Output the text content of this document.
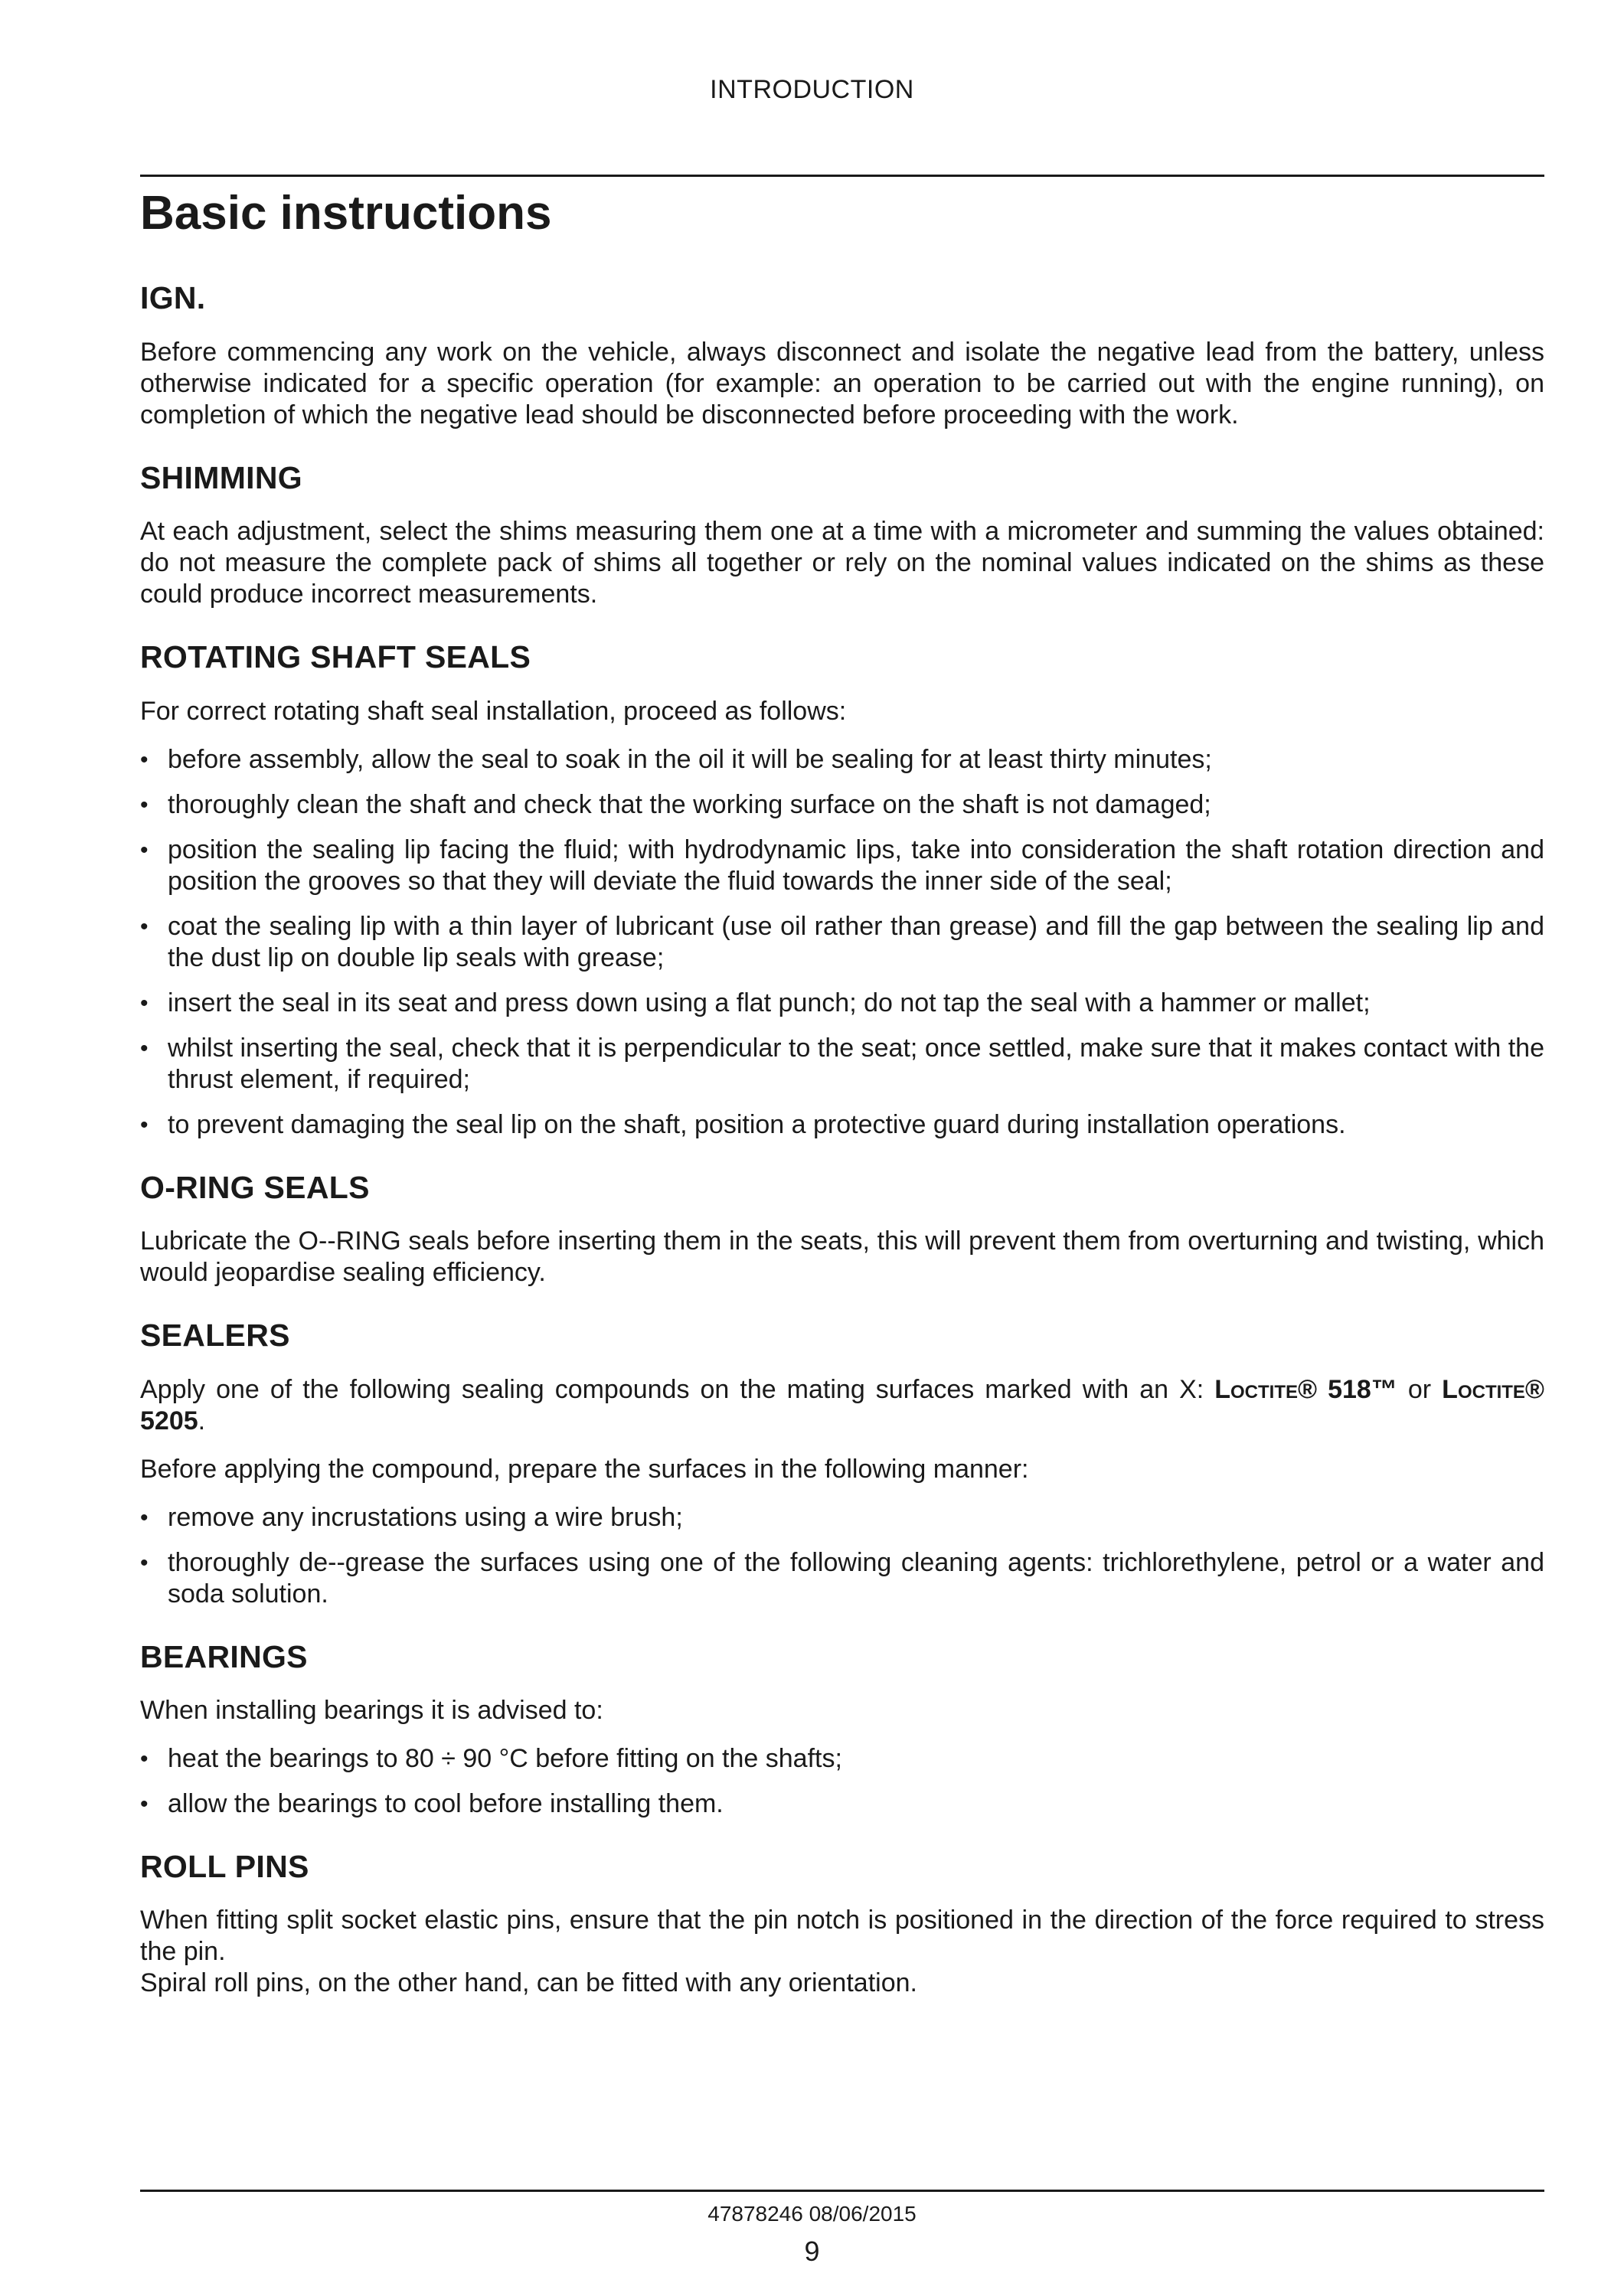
INTRODUCTION
Basic instructions
IGN.

Before commencing any work on the vehicle, always disconnect and isolate the negative lead from the battery, unless otherwise indicated for a specific operation (for example: an operation to be carried out with the engine running), on completion of which the negative lead should be disconnected before proceeding with the work.

SHIMMING

At each adjustment, select the shims measuring them one at a time with a micrometer and summing the values obtained: do not measure the complete pack of shims all together or rely on the nominal values indicated on the shims as these could produce incorrect measurements.

ROTATING SHAFT SEALS

For correct rotating shaft seal installation, proceed as follows:

• before assembly, allow the seal to soak in the oil it will be sealing for at least thirty minutes;
• thoroughly clean the shaft and check that the working surface on the shaft is not damaged;
• position the sealing lip facing the fluid; with hydrodynamic lips, take into consideration the shaft rotation direction and position the grooves so that they will deviate the fluid towards the inner side of the seal;
• coat the sealing lip with a thin layer of lubricant (use oil rather than grease) and fill the gap between the sealing lip and the dust lip on double lip seals with grease;
• insert the seal in its seat and press down using a flat punch; do not tap the seal with a hammer or mallet;
• whilst inserting the seal, check that it is perpendicular to the seat; once settled, make sure that it makes contact with the thrust element, if required;
• to prevent damaging the seal lip on the shaft, position a protective guard during installation operations.
O-RING SEALS

Lubricate the O--RING seals before inserting them in the seats, this will prevent them from overturning and twisting, which would jeopardise sealing efficiency.

SEALERS

Apply one of the following sealing compounds on the mating surfaces marked with an X: Loctite® 518™ or Loctite® 5205.

Before applying the compound, prepare the surfaces in the following manner:

• remove any incrustations using a wire brush;
• thoroughly de--grease the surfaces using one of the following cleaning agents: trichlorethylene, petrol or a water and soda solution.
BEARINGS

When installing bearings it is advised to:

• heat the bearings to 80 ÷ 90 °C before fitting on the shafts;
• allow the bearings to cool before installing them.
ROLL PINS

When fitting split socket elastic pins, ensure that the pin notch is positioned in the direction of the force required to stress the pin.
Spiral roll pins, on the other hand, can be fitted with any orientation.

47878246 08/06/2015
9
